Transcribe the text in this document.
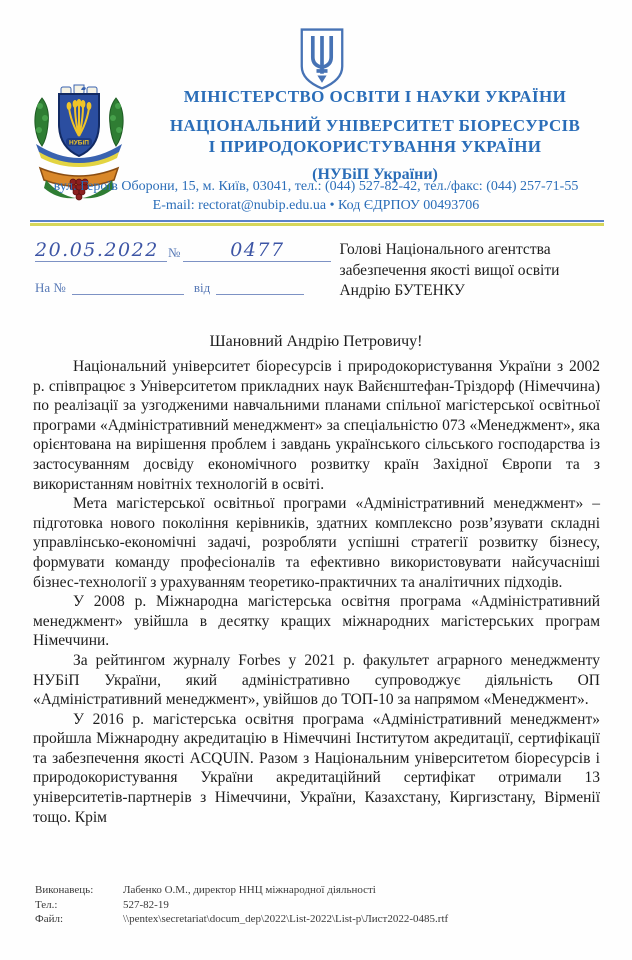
НУБіП
МІНІСТЕРСТВО ОСВІТИ І НАУКИ УКРАЇНИ
НАЦІОНАЛЬНИЙ УНІВЕРСИТЕТ БІОРЕСУРСІВ
І ПРИРОДОКОРИСТУВАННЯ УКРАЇНИ
(НУБіП України)
вул. Героїв Оборони, 15, м. Київ, 03041, тел.: (044) 527-82-42, тел./факс: (044) 257-71-55
E-mail: rectorat@nubip.edu.ua • Код ЄДРПОУ 00493706
20.05.2022 №	0477
На №	від
Голові Національного агентства
забезпечення якості вищої освіти
Андрію БУТЕНКУ
Шановний Андрію Петровичу!

Національний університет біоресурсів і природокористування України з 2002 р. співпрацює з Університетом прикладних наук Вайєнштефан-Тріздорф (Німеччина) по реалізації за узгодженими навчальними планами спільної магістерської освітньої програми «Адміністративний менеджмент» за спеціальністю 073 «Менеджмент», яка орієнтована на вирішення проблем і завдань українського сільського господарства із застосуванням досвіду економічного розвитку країн Західної Європи та з використанням новітніх технологій в освіті.

Мета магістерської освітньої програми «Адміністративний менеджмент» – підготовка нового покоління керівників, здатних комплексно розв’язувати складні управлінсько-економічні задачі, розробляти успішні стратегії розвитку бізнесу, формувати команду професіоналів та ефективно використовувати найсучасніші бізнес-технології з урахуванням теоретико-практичних та аналітичних підходів.

У 2008 р. Міжнародна магістерська освітня програма «Адміністративний менеджмент» увійшла в десятку кращих міжнародних магістерських програм Німеччини.

За рейтингом журналу Forbes у 2021 р. факультет аграрного менеджменту НУБіП України, який адміністративно супроводжує діяльність ОП «Адміністративний менеджмент», увійшов до ТОП-10 за напрямом «Менеджмент».

У 2016 р. магістерська освітня програма «Адміністративний менеджмент» пройшла Міжнародну акредитацію в Німеччині Інститутом акредитації, сертифікації та забезпечення якості ACQUIN. Разом з Національним університетом біоресурсів і природокористування України акредитаційний сертифікат отримали 13 університетів-партнерів з Німеччини, України, Казахстану, Киргизстану, Вірменії тощо. Крім

Виконавець:	Лабенко О.М., директор ННЦ міжнародної діяльності
Тел.:	527-82-19
Файл:	\\pentex\secretariat\docum_dep\2022\List-2022\List-p\Лист2022-0485.rtf
